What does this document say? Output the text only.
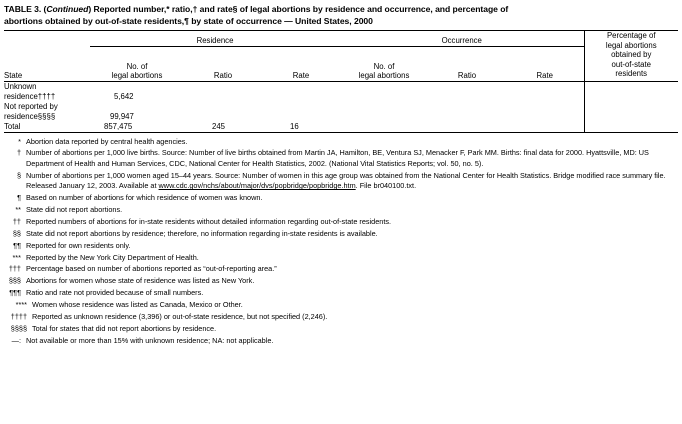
TABLE 3. (Continued) Reported number,* ratio,† and rate§ of legal abortions by residence and occurrence, and percentage of
abortions obtained by out-of-state residents,¶ by state of occurrence — United States, 2000
	Residence			Occurrence			Percentage of
legal abortions
obtained by
out-of-state
residents

State

No. of
legal abortions	Ratio	Rate	
No. of
legal abortions	Ratio	Rate

Unknown
residence††††	5,642						

Not reported by
residence§§§§	99,947						
Total	857,475	245	16				
* Abortion data reported by central health agencies.
† Number of abortions per 1,000 live births. Source: Number of live births obtained from Martin JA, Hamilton, BE, Ventura SJ, Menacker F, Park MM. Births: final data for 2000. Hyattsville, MD: US Department of Health and Human Services, CDC, National Center for Health Statistics, 2002. (National Vital Statistics Reports; vol. 50, no. 5).
§ Number of abortions per 1,000 women aged 15–44 years. Source: Number of women in this age group was obtained from the National Center for Health Statistics. Bridge modified race summary file. Released January 12, 2003. Available at www.cdc.gov/nchs/about/major/dvs/popbridge/popbridge.htm. File br040100.txt.
¶ Based on number of abortions for which residence of women was known.
** State did not report abortions.
†† Reported numbers of abortions for in-state residents without detailed information regarding out-of-state residents.
§§ State did not report abortions by residence; therefore, no information regarding in-state residents is available.
¶¶ Reported for own residents only.
*** Reported by the New York City Department of Health.
††† Percentage based on number of abortions reported as “out-of-reporting area.”
§§§ Abortions for women whose state of residence was listed as New York.
¶¶¶ Ratio and rate not provided because of small numbers.
**** Women whose residence was listed as Canada, Mexico or Other.
†††† Reported as unknown residence (3,396) or out-of-state residence, but not specified (2,246).
§§§§ Total for states that did not report abortions by residence.
—: Not available or more than 15% with unknown residence; NA: not applicable.
